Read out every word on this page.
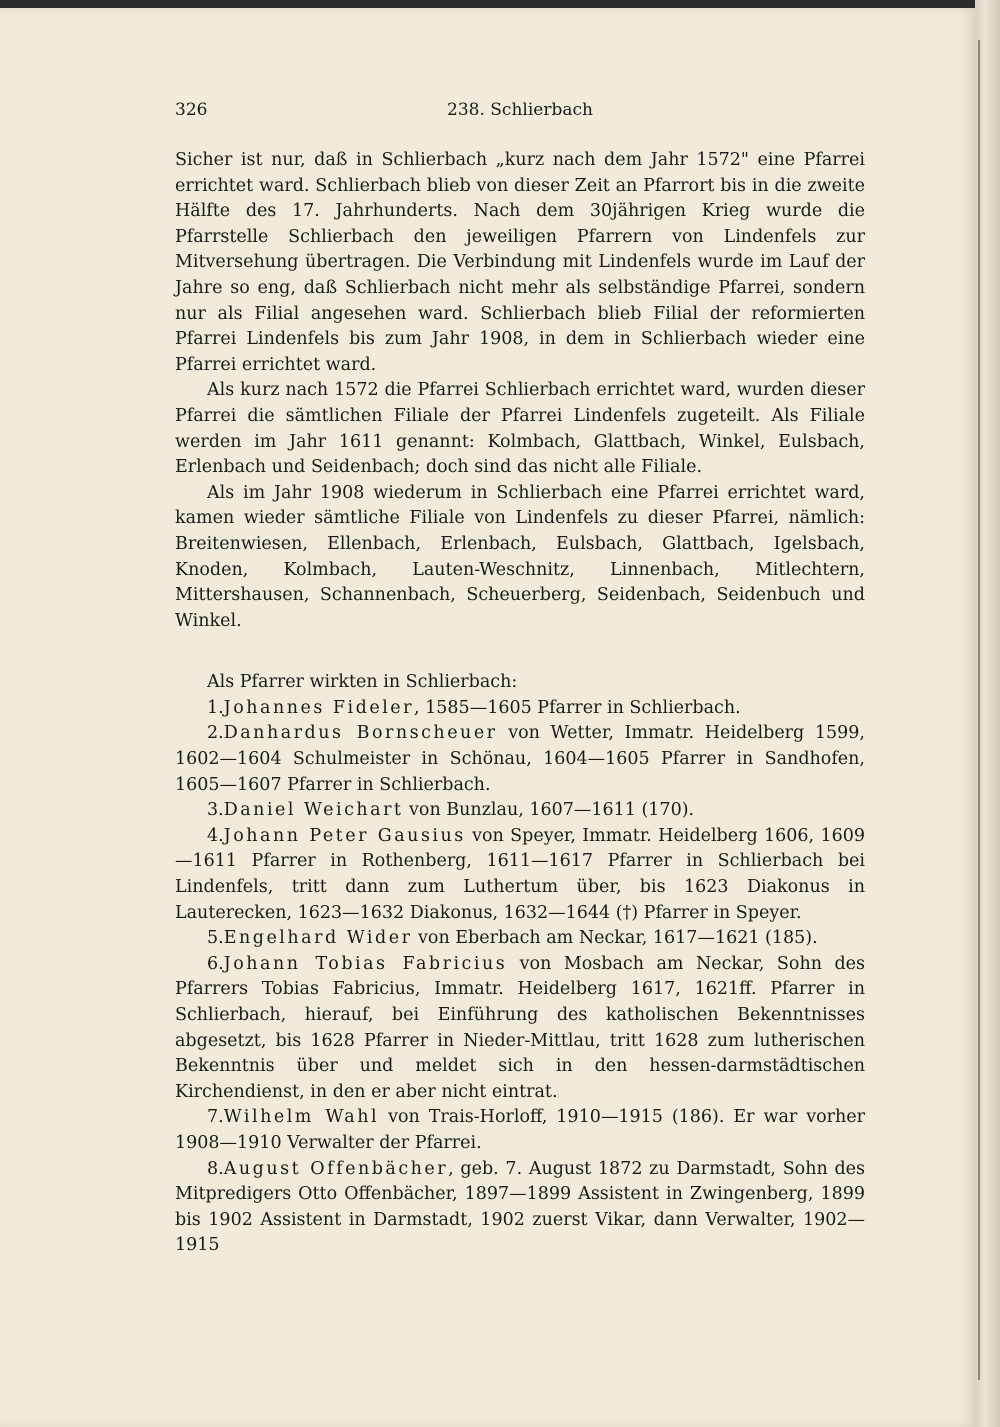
326	238. Schlierbach

Sicher ist nur, daß in Schlierbach „kurz nach dem Jahr 1572" eine Pfarrei errichtet ward. Schlierbach blieb von dieser Zeit an Pfarrort bis in die zweite Hälfte des 17. Jahrhunderts. Nach dem 30jährigen Krieg wurde die Pfarrstelle Schlierbach den jeweiligen Pfarrern von Lindenfels zur Mitversehung übertragen. Die Verbindung mit Lindenfels wurde im Lauf der Jahre so eng, daß Schlierbach nicht mehr als selbständige Pfarrei, sondern nur als Filial angesehen ward. Schlierbach blieb Filial der reformierten Pfarrei Lindenfels bis zum Jahr 1908, in dem in Schlierbach wieder eine Pfarrei errichtet ward.

Als kurz nach 1572 die Pfarrei Schlierbach errichtet ward, wurden dieser Pfarrei die sämtlichen Filiale der Pfarrei Lindenfels zugeteilt. Als Filiale werden im Jahr 1611 genannt: Kolmbach, Glattbach, Winkel, Eulsbach, Erlenbach und Seidenbach; doch sind das nicht alle Filiale.

Als im Jahr 1908 wiederum in Schlierbach eine Pfarrei errichtet ward, kamen wieder sämtliche Filiale von Lindenfels zu dieser Pfarrei, nämlich: Breitenwiesen, Ellenbach, Erlenbach, Eulsbach, Glattbach, Igelsbach, Knoden, Kolmbach, Lauten-Weschnitz, Linnenbach, Mitlechtern, Mittershausen, Schannenbach, Scheuerberg, Seidenbach, Seidenbuch und Winkel.

Als Pfarrer wirkten in Schlierbach:

1.Johannes Fideler, 1585—1605 Pfarrer in Schlierbach.

2.Danhardus Bornscheuer von Wetter, Immatr. Heidelberg 1599, 1602—1604 Schulmeister in Schönau, 1604—1605 Pfarrer in Sandhofen, 1605—1607 Pfarrer in Schlierbach.

3.Daniel Weichart von Bunzlau, 1607—1611 (170).

4.Johann Peter Gausius von Speyer, Immatr. Heidelberg 1606, 1609—1611 Pfarrer in Rothenberg, 1611—1617 Pfarrer in Schlierbach bei Lindenfels, tritt dann zum Luthertum über, bis 1623 Diakonus in Lauterecken, 1623—1632 Diakonus, 1632—1644 (†) Pfarrer in Speyer.

5.Engelhard Wider von Eberbach am Neckar, 1617—1621 (185).

6.Johann Tobias Fabricius von Mosbach am Neckar, Sohn des Pfarrers Tobias Fabricius, Immatr. Heidelberg 1617, 1621ff. Pfarrer in Schlierbach, hierauf, bei Einführung des katholischen Bekenntnisses abgesetzt, bis 1628 Pfarrer in Nieder-Mittlau, tritt 1628 zum lutherischen Bekenntnis über und meldet sich in den hessen-darmstädtischen Kirchendienst, in den er aber nicht eintrat.

7.Wilhelm Wahl von Trais-Horloff, 1910—1915 (186). Er war vorher 1908—1910 Verwalter der Pfarrei.

8.August Offenbächer, geb. 7. August 1872 zu Darmstadt, Sohn des Mitpredigers Otto Offenbächer, 1897—1899 Assistent in Zwingenberg, 1899 bis 1902 Assistent in Darmstadt, 1902 zuerst Vikar, dann Verwalter, 1902—1915
